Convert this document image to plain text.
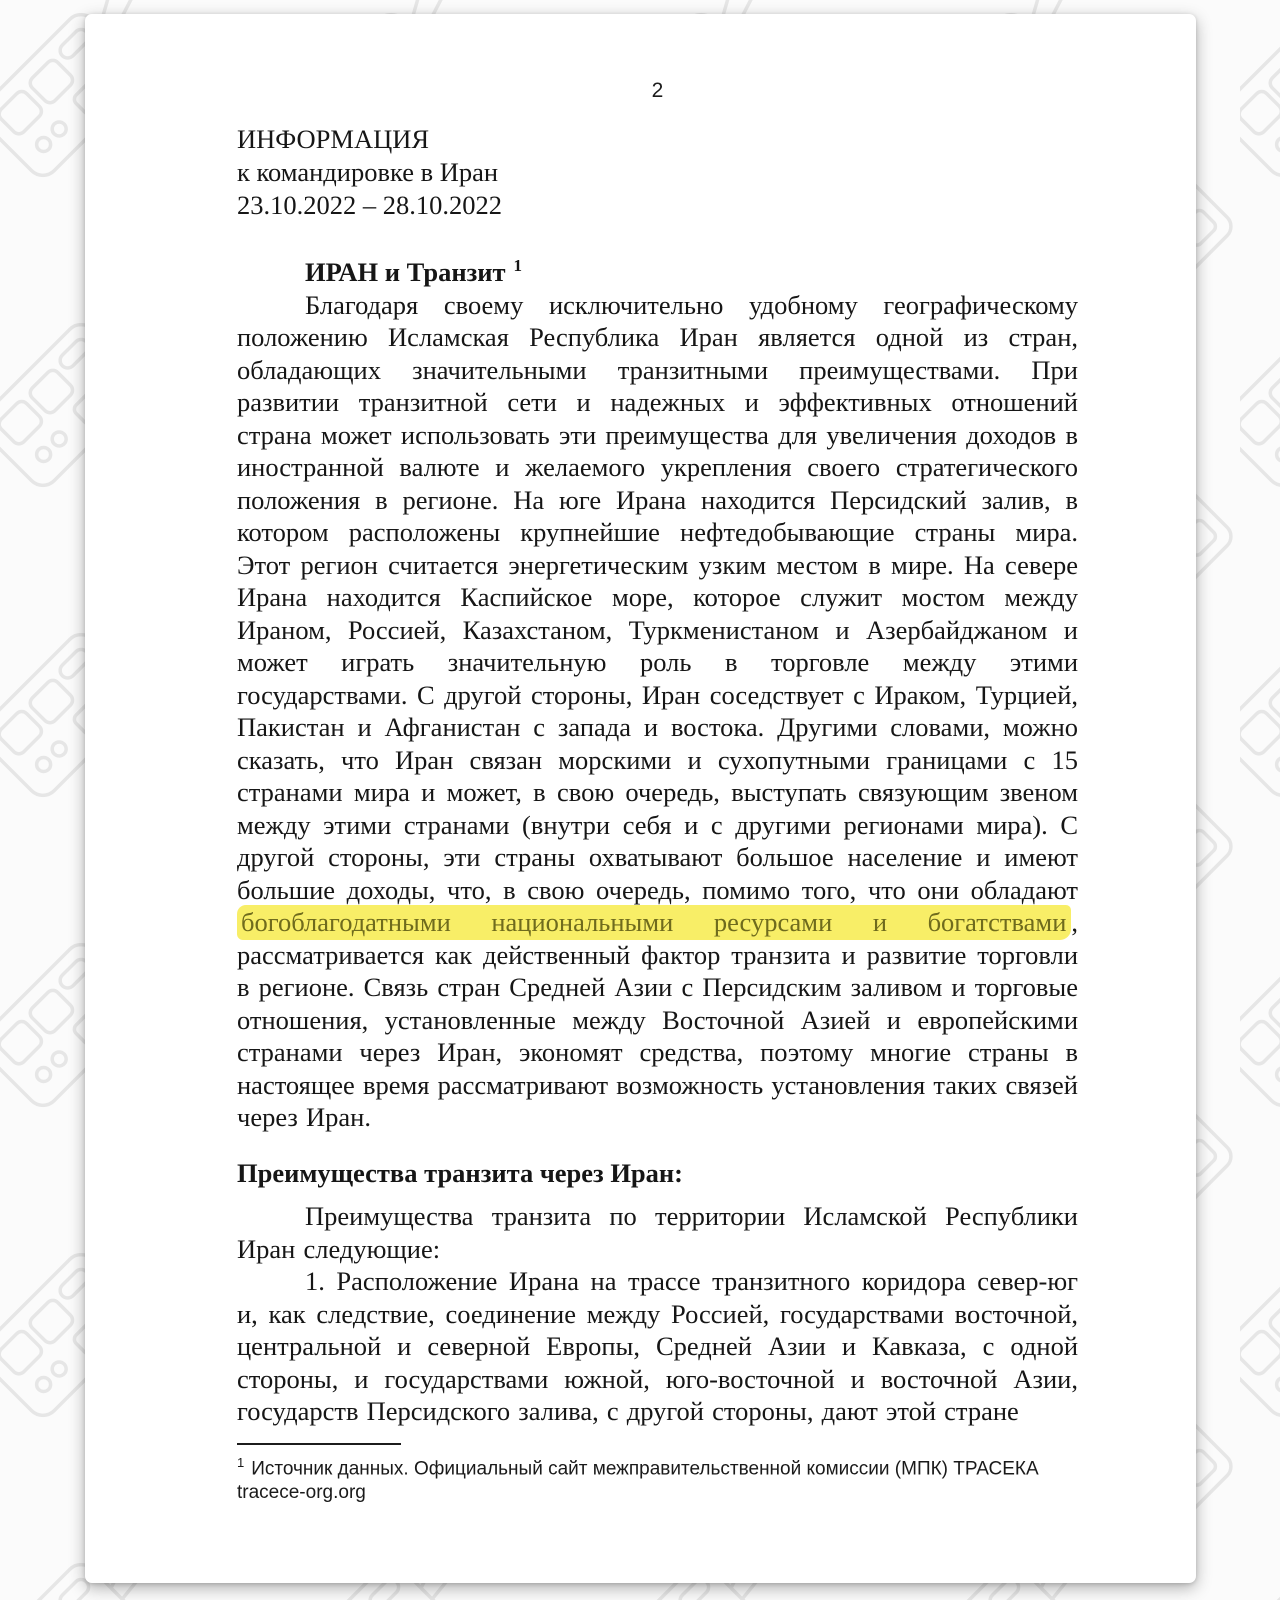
2
ИНФОРМАЦИЯ
к командировке в Иран
23.10.2022 – 28.10.2022
ИРАН и Транзит $^1$

Благодаря своему исключительно удобному географическому положению Исламская Республика Иран является одной из стран, обладающих значительными транзитными преимуществами. При развитии транзитной сети и надежных и эффективных отношений страна может использовать эти преимущества для увеличения доходов в иностранной валюте и желаемого укрепления своего стратегического положения в регионе. На юге Ирана находится Персидский залив, в котором расположены крупнейшие нефтедобывающие страны мира. Этот регион считается энергетическим узким местом в мире. На севере Ирана находится Каспийское море, которое служит мостом между Ираном, Россией, Казахстаном, Туркменистаном и Азербайджаном и может играть значительную роль в торговле между этими государствами. С другой стороны, Иран соседствует с Ираком, Турцией, Пакистан и Афганистан с запада и востока. Другими словами, можно сказать, что Иран связан морскими и сухопутными границами с 15 странами мира и может, в свою очередь, выступать связующим звеном между этими странами (внутри себя и с другими регионами мира). С другой стороны, эти страны охватывают большое население и имеют большие доходы, что, в свою очередь, помимо того, что они обладают богоблагодатными национальными ресурсами и богатствами , рассматривается как действенный фактор транзита и развитие торговли в регионе. Связь стран Средней Азии с Персидским заливом и торговые отношения, установленные между Восточной Азией и европейскими странами через Иран, экономят средства, поэтому многие страны в настоящее время рассматривают возможность установления таких связей через Иран.

Преимущества транзита через Иран:

Преимущества транзита по территории Исламской Республики Иран следующие:

1. Расположение Ирана на трассе транзитного коридора север-юг и, как следствие, соединение между Россией, государствами восточной, центральной и северной Европы, Средней Азии и Кавказа, с одной стороны, и государствами южной, юго-восточной и восточной Азии, государств Персидского залива, с другой стороны, дают этой стране

$^1$ Источник данных. Официальный сайт межправительственной комиссии (МПК) ТРАСЕКА tracece-org.org
